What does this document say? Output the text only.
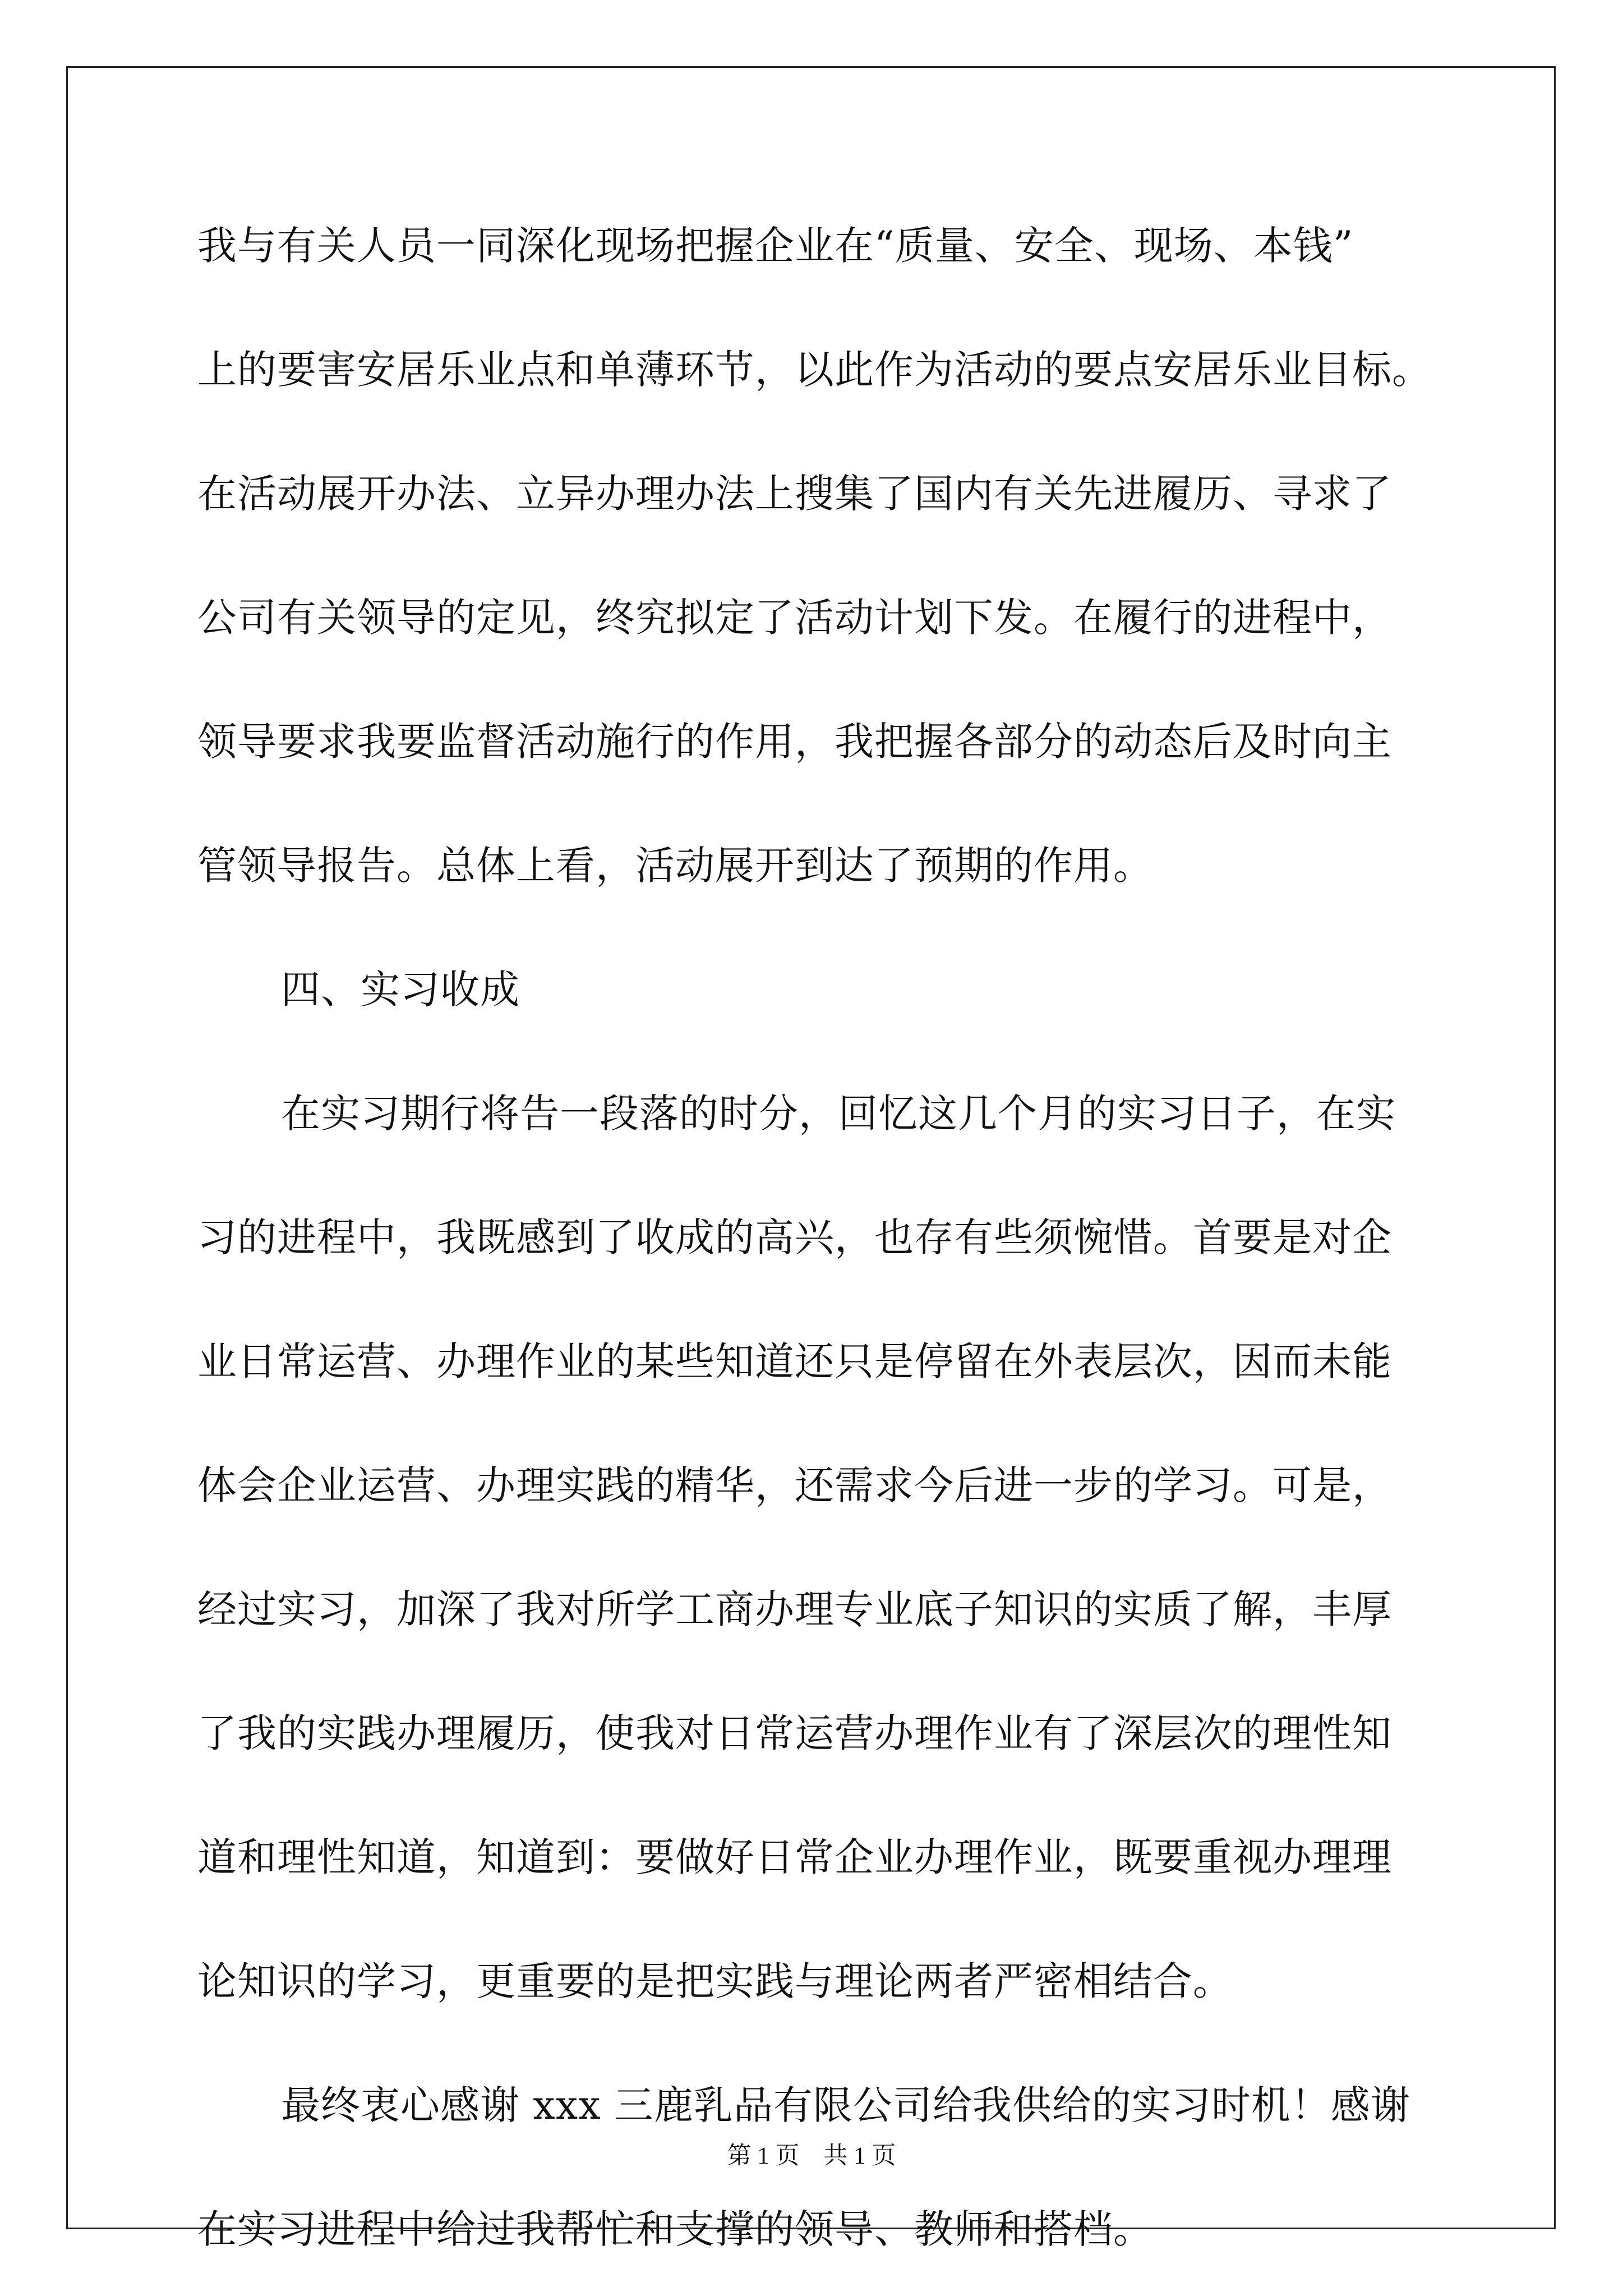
我与有关人员一同深化现场把握企业在“质量、安全、现场、本钱”
上的要害安居乐业点和单薄环节，以此作为活动的要点安居乐业目标。
在活动展开办法、立异办理办法上搜集了国内有关先进履历、寻求了
公司有关领导的定见，终究拟定了活动计划下发。在履行的进程中，
领导要求我要监督活动施行的作用，我把握各部分的动态后及时向主
管领导报告。总体上看，活动展开到达了预期的作用。
四、实习收成
在实习期行将告一段落的时分，回忆这几个月的实习日子，在实
习的进程中，我既感到了收成的高兴，也存有些须惋惜。首要是对企
业日常运营、办理作业的某些知道还只是停留在外表层次，因而未能
体会企业运营、办理实践的精华，还需求今后进一步的学习。可是，
经过实习，加深了我对所学工商办理专业底子知识的实质了解，丰厚
了我的实践办理履历，使我对日常运营办理作业有了深层次的理性知
道和理性知道，知道到：要做好日常企业办理作业，既要重视办理理
论知识的学习，更重要的是把实践与理论两者严密相结合。
最终衷心感谢 xxx 三鹿乳品有限公司给我供给的实习时机！感谢
在实习进程中给过我帮忙和支撑的领导、教师和搭档。
第 1 页　共 1 页
